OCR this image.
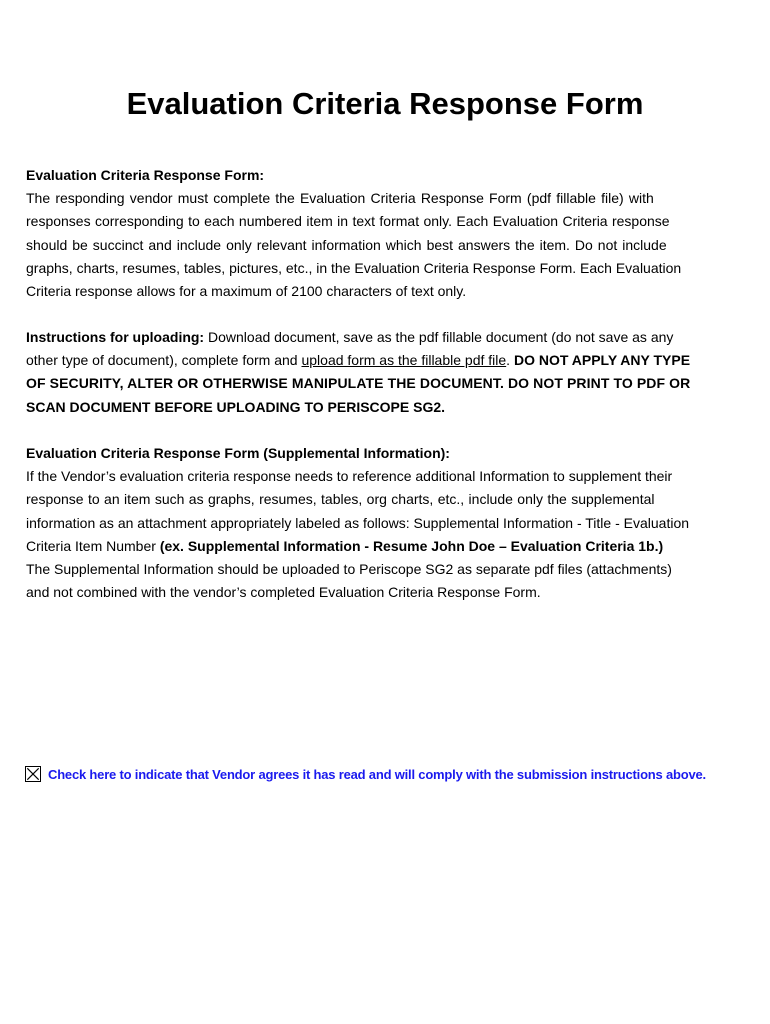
Evaluation Criteria Response Form
Evaluation Criteria Response Form:
The responding vendor must complete the Evaluation Criteria Response Form (pdf fillable file) with
responses corresponding to each numbered item in text format only. Each Evaluation Criteria response
should be succinct and include only relevant information which best answers the item. Do not include
graphs, charts, resumes, tables, pictures, etc., in the Evaluation Criteria Response Form. Each Evaluation
Criteria response allows for a maximum of 2100 characters of text only.
Instructions for uploading: Download document, save as the pdf fillable document (do not save as any
other type of document), complete form and upload form as the fillable pdf file. DO NOT APPLY ANY TYPE
OF SECURITY, ALTER OR OTHERWISE MANIPULATE THE DOCUMENT. DO NOT PRINT TO PDF OR
SCAN DOCUMENT BEFORE UPLOADING TO PERISCOPE SG2.
Evaluation Criteria Response Form (Supplemental Information):
If the Vendor’s evaluation criteria response needs to reference additional Information to supplement their
response to an item such as graphs, resumes, tables, org charts, etc., include only the supplemental
information as an attachment appropriately labeled as follows: Supplemental Information - Title - Evaluation
Criteria Item Number (ex. Supplemental Information - Resume John Doe – Evaluation Criteria 1b.)
The Supplemental Information should be uploaded to Periscope SG2 as separate pdf files (attachments)
and not combined with the vendor’s completed Evaluation Criteria Response Form.
Check here to indicate that Vendor agrees it has read and will comply with the submission instructions above.
